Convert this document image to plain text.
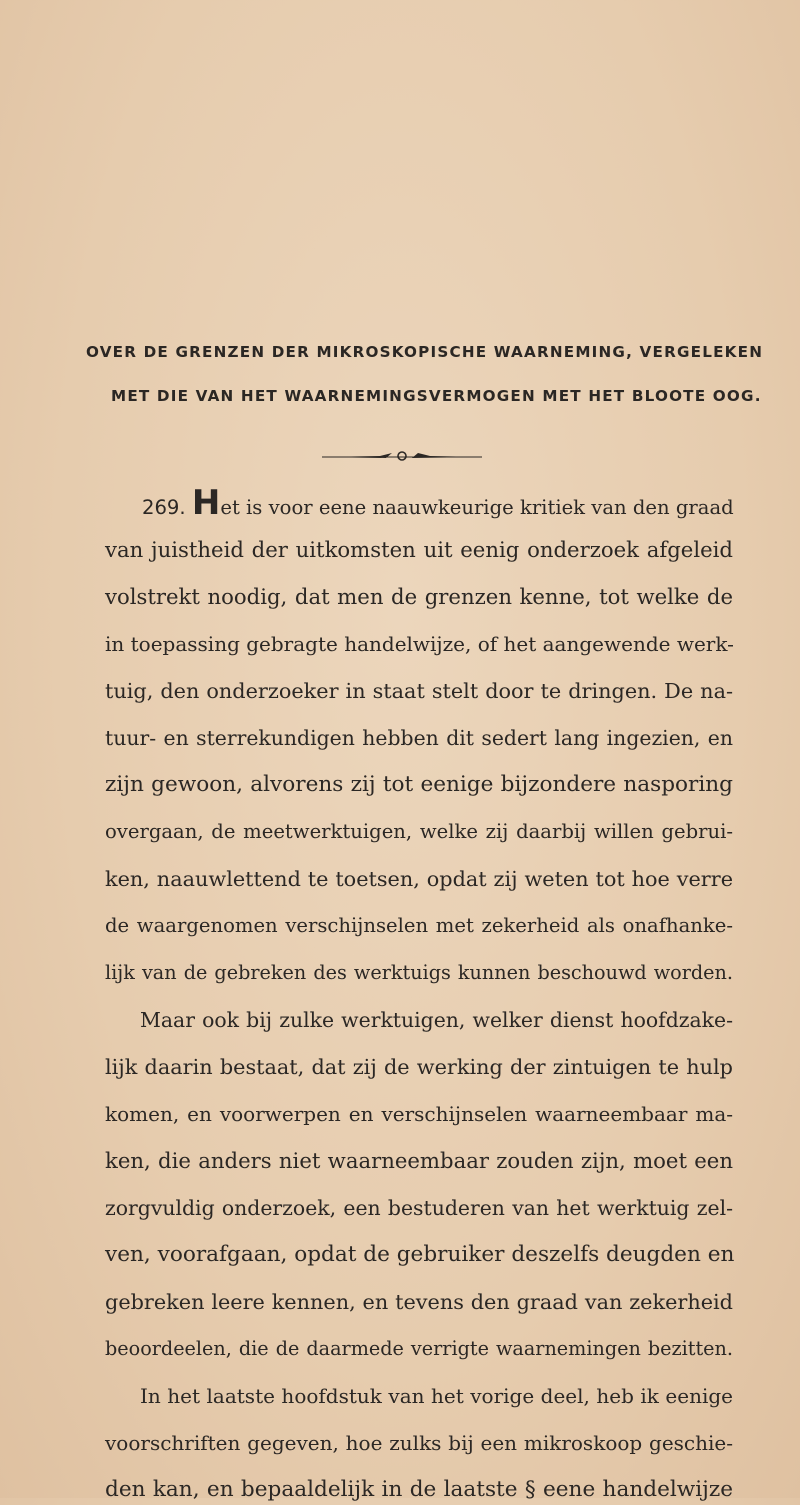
OVER DE GRENZEN DER MIKROSKOPISCHE WAARNEMING, VERGELEKEN
MET DIE VAN HET WAARNEMINGSVERMOGEN MET HET BLOOTE OOG.
269. Het is voor eene naauwkeurige kritiek van den graad
van juistheid der uitkomsten uit eenig onderzoek afgeleid
volstrekt noodig, dat men de grenzen kenne, tot welke de
in toepassing gebragte handelwijze, of het aangewende werk-
tuig, den onderzoeker in staat stelt door te dringen. De na-
tuur- en sterrekundigen hebben dit sedert lang ingezien, en
zijn gewoon, alvorens zij tot eenige bijzondere nasporing
overgaan, de meetwerktuigen, welke zij daarbij willen gebrui-
ken, naauwlettend te toetsen, opdat zij weten tot hoe verre
de waargenomen verschijnselen met zekerheid als onafhanke-
lijk van de gebreken des werktuigs kunnen beschouwd worden.
Maar ook bij zulke werktuigen, welker dienst hoofdzake-
lijk daarin bestaat, dat zij de werking der zintuigen te hulp
komen, en voorwerpen en verschijnselen waarneembaar ma-
ken, die anders niet waarneembaar zouden zijn, moet een
zorgvuldig onderzoek, een bestuderen van het werktuig zel-
ven, voorafgaan, opdat de gebruiker deszelfs deugden en
gebreken leere kennen, en tevens den graad van zekerheid
beoordeelen, die de daarmede verrigte waarnemingen bezitten.
In het laatste hoofdstuk van het vorige deel, heb ik eenige
voorschriften gegeven, hoe zulks bij een mikroskoop geschie-
den kan, en bepaaldelijk in de laatste § eene handelwijze
